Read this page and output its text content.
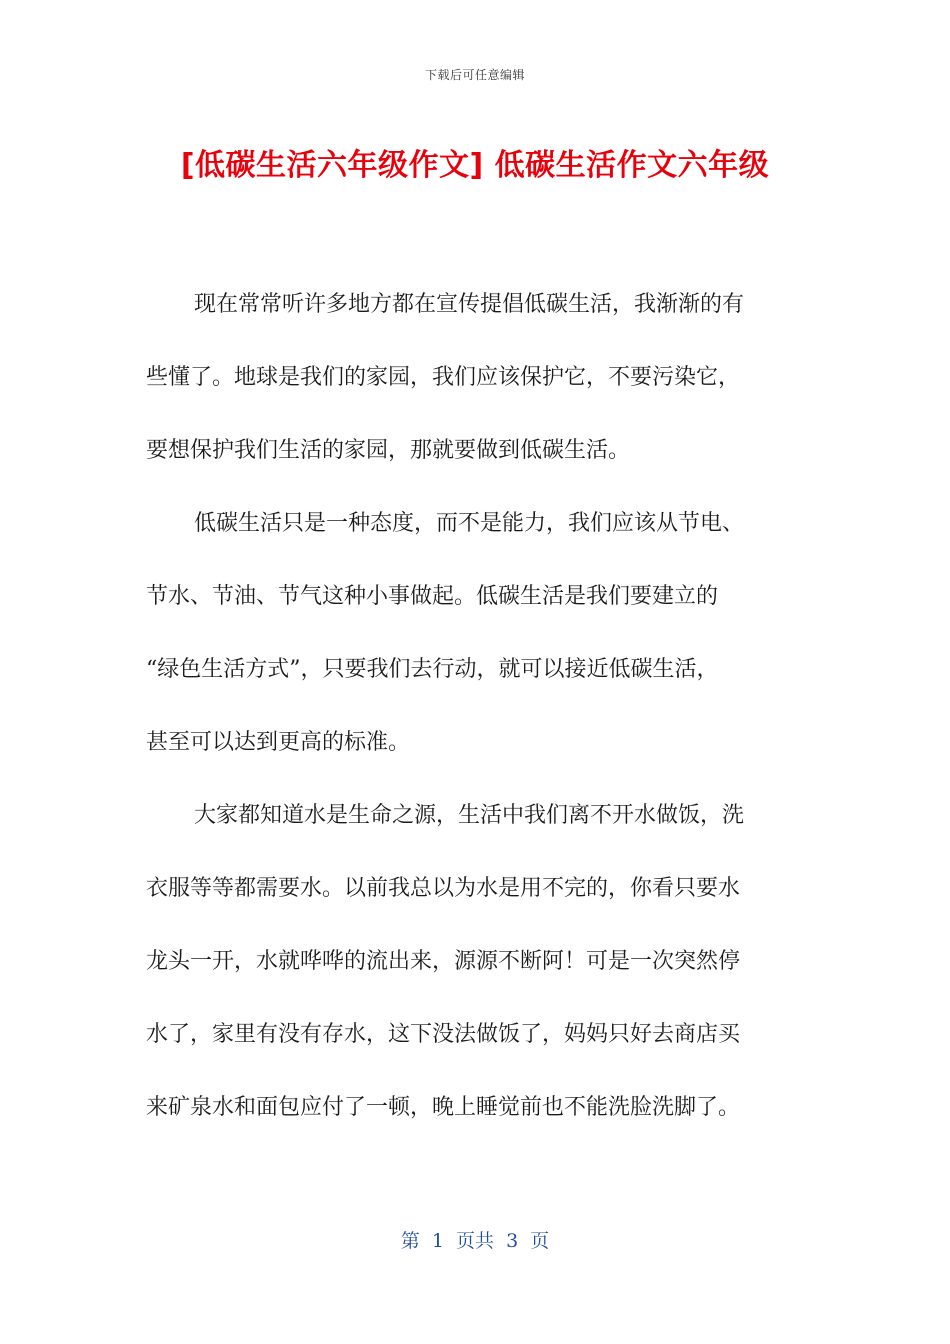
下载后可任意编辑
[低碳生活六年级作文] 低碳生活作文六年级

现在常常听许多地方都在宣传提倡低碳生活，我渐渐的有
些懂了。地球是我们的家园，我们应该保护它，不要污染它，
要想保护我们生活的家园，那就要做到低碳生活。

低碳生活只是一种态度，而不是能力，我们应该从节电、
节水、节油、节气这种小事做起。低碳生活是我们要建立的
“绿色生活方式”，只要我们去行动，就可以接近低碳生活，
甚至可以达到更高的标准。

大家都知道水是生命之源，生活中我们离不开水做饭，洗
衣服等等都需要水。以前我总以为水是用不完的，你看只要水
龙头一开，水就哗哗的流出来，源源不断阿！可是一次突然停
水了，家里有没有存水，这下没法做饭了，妈妈只好去商店买
来矿泉水和面包应付了一顿，晚上睡觉前也不能洗脸洗脚了。

第  1  页共  3  页
